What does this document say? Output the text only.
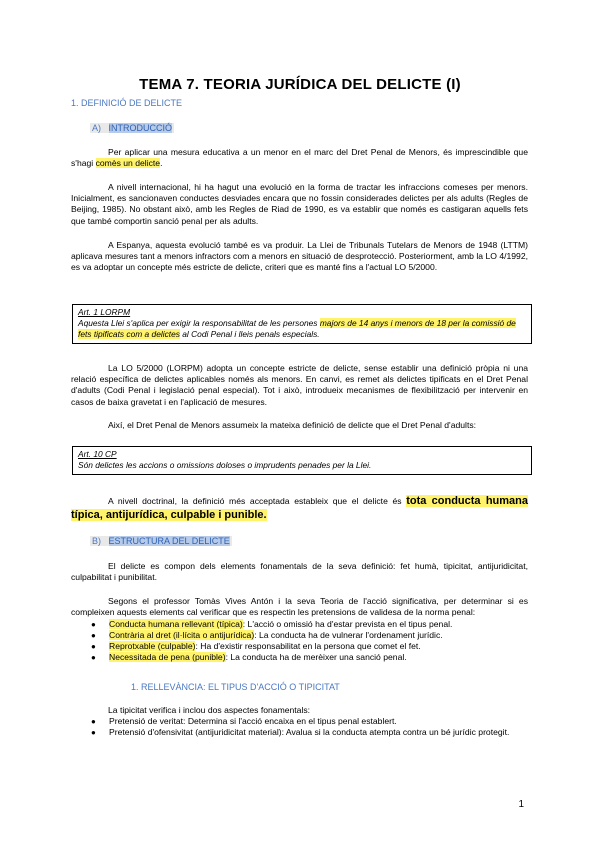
TEMA 7. TEORIA JURÍDICA DEL DELICTE (I)
1. DEFINICIÓ DE DELICTE
A) INTRODUCCIÓ
Per aplicar una mesura educativa a un menor en el marc del Dret Penal de Menors, és imprescindible que s'hagi comès un delicte.
A nivell internacional, hi ha hagut una evolució en la forma de tractar les infraccions comeses per menors. Inicialment, es sancionaven conductes desviades encara que no fossin considerades delictes per als adults (Regles de Beijing, 1985). No obstant això, amb les Regles de Riad de 1990, es va establir que només es castigaran aquells fets que també comportin sanció penal per als adults.
A Espanya, aquesta evolució també es va produir. La Llei de Tribunals Tutelars de Menors de 1948 (LTTM) aplicava mesures tant a menors infractors com a menors en situació de desprotecció. Posteriorment, amb la LO 4/1992, es va adoptar un concepte més estricte de delicte, criteri que es manté fins a l'actual LO 5/2000.
Art. 1 LORPM
Aquesta Llei s'aplica per exigir la responsabilitat de les persones majors de 14 anys i menors de 18 per la comissió de fets tipificats com a delictes al Codi Penal i lleis penals especials.
La LO 5/2000 (LORPM) adopta un concepte estricte de delicte, sense establir una definició pròpia ni una relació específica de delictes aplicables només als menors. En canvi, es remet als delictes tipificats en el Dret Penal d'adults (Codi Penal i legislació penal especial). Tot i això, introdueix mecanismes de flexibilització per intervenir en casos de baixa gravetat i en l'aplicació de mesures.
Així, el Dret Penal de Menors assumeix la mateixa definició de delicte que el Dret Penal d'adults:
Art. 10 CP
Són delictes les accions o omissions doloses o imprudents penades per la Llei.
A nivell doctrinal, la definició més acceptada estableix que el delicte és tota conducta humana típica, antijurídica, culpable i punible.
B) ESTRUCTURA DEL DELICTE
El delicte es compon dels elements fonamentals de la seva definició: fet humà, tipicitat, antijuridicitat, culpabilitat i punibilitat.
Segons el professor Tomàs Vives Antón i la seva Teoria de l'acció significativa, per determinar si es compleixen aquests elements cal verificar que es respectin les pretensions de validesa de la norma penal:
● Conducta humana rellevant (típica): L'acció o omissió ha d'estar prevista en el tipus penal.
● Contrària al dret (il·lícita o antijurídica): La conducta ha de vulnerar l'ordenament jurídic.
● Reprotxable (culpable): Ha d'existir responsabilitat en la persona que comet el fet.
● Necessitada de pena (punible): La conducta ha de merèixer una sanció penal.
1. RELLEVÀNCIA: EL TIPUS D'ACCIÓ O TIPICITAT
La tipicitat verifica i inclou dos aspectes fonamentals:
● Pretensió de veritat: Determina si l'acció encaixa en el tipus penal establert.
● Pretensió d'ofensivitat (antijuridicitat material): Avalua si la conducta atempta contra un bé jurídic protegit.
1
